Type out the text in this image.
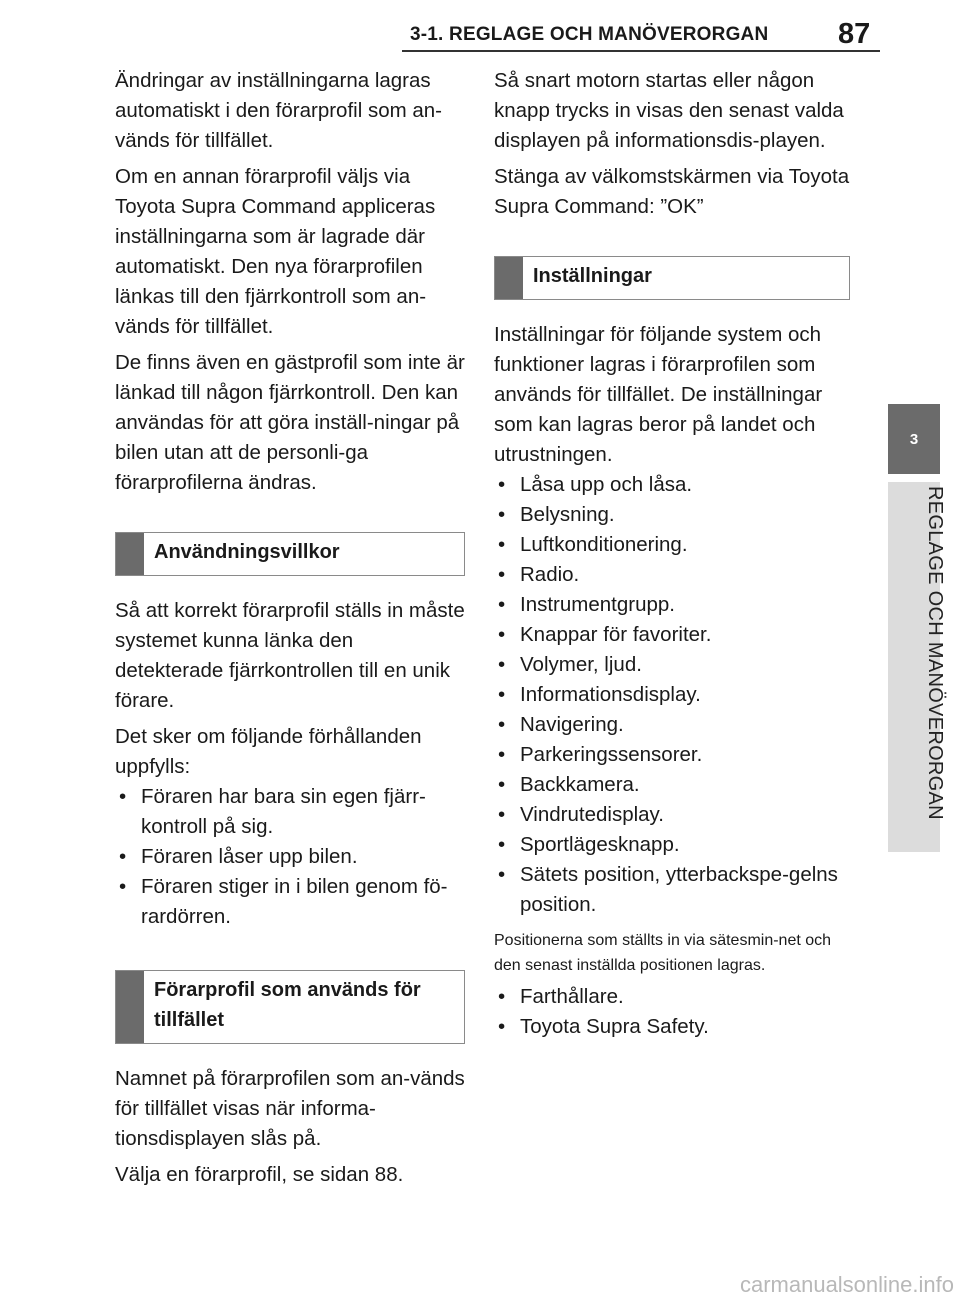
3-1. REGLAGE OCH MANÖVERORGAN	87
3
REGLAGE OCH MANÖVERORGAN

Ändringar av inställningarna lagras automatiskt i den förarprofil som an-vänds för tillfället.

Om en annan förarprofil väljs via Toyota Supra Command appliceras inställningarna som är lagrade där automatiskt. Den nya förarprofilen länkas till den fjärrkontroll som an-vänds för tillfället.

De finns även en gästprofil som inte är länkad till någon fjärrkontroll. Den kan användas för att göra inställ-ningar på bilen utan att de personli-ga förarprofilerna ändras.

Användningsvillkor

Så att korrekt förarprofil ställs in måste systemet kunna länka den detekterade fjärrkontrollen till en unik förare.

Det sker om följande förhållanden uppfylls:

• Föraren har bara sin egen fjärr-kontroll på sig.
• Föraren låser upp bilen.
• Föraren stiger in i bilen genom fö-rardörren.
Förarprofil som används för tillfället

Namnet på förarprofilen som an-vänds för tillfället visas när informa-tionsdisplayen slås på.

Välja en förarprofil, se sidan 88.

Så snart motorn startas eller någon knapp trycks in visas den senast valda displayen på informationsdis-playen.

Stänga av välkomstskärmen via Toyota Supra Command: ”OK”

Inställningar

Inställningar för följande system och funktioner lagras i förarprofilen som används för tillfället. De inställningar som kan lagras beror på landet och utrustningen.

• Låsa upp och låsa.
• Belysning.
• Luftkonditionering.
• Radio.
• Instrumentgrupp.
• Knappar för favoriter.
• Volymer, ljud.
• Informationsdisplay.
• Navigering.
• Parkeringssensorer.
• Backkamera.
• Vindrutedisplay.
• Sportlägesknapp.
• Sätets position, ytterbackspe-gelns position.

Positionerna som ställts in via sätesmin-net och den senast inställda positionen lagras.

• Farthållare.
• Toyota Supra Safety.
carmanualsonline.info
